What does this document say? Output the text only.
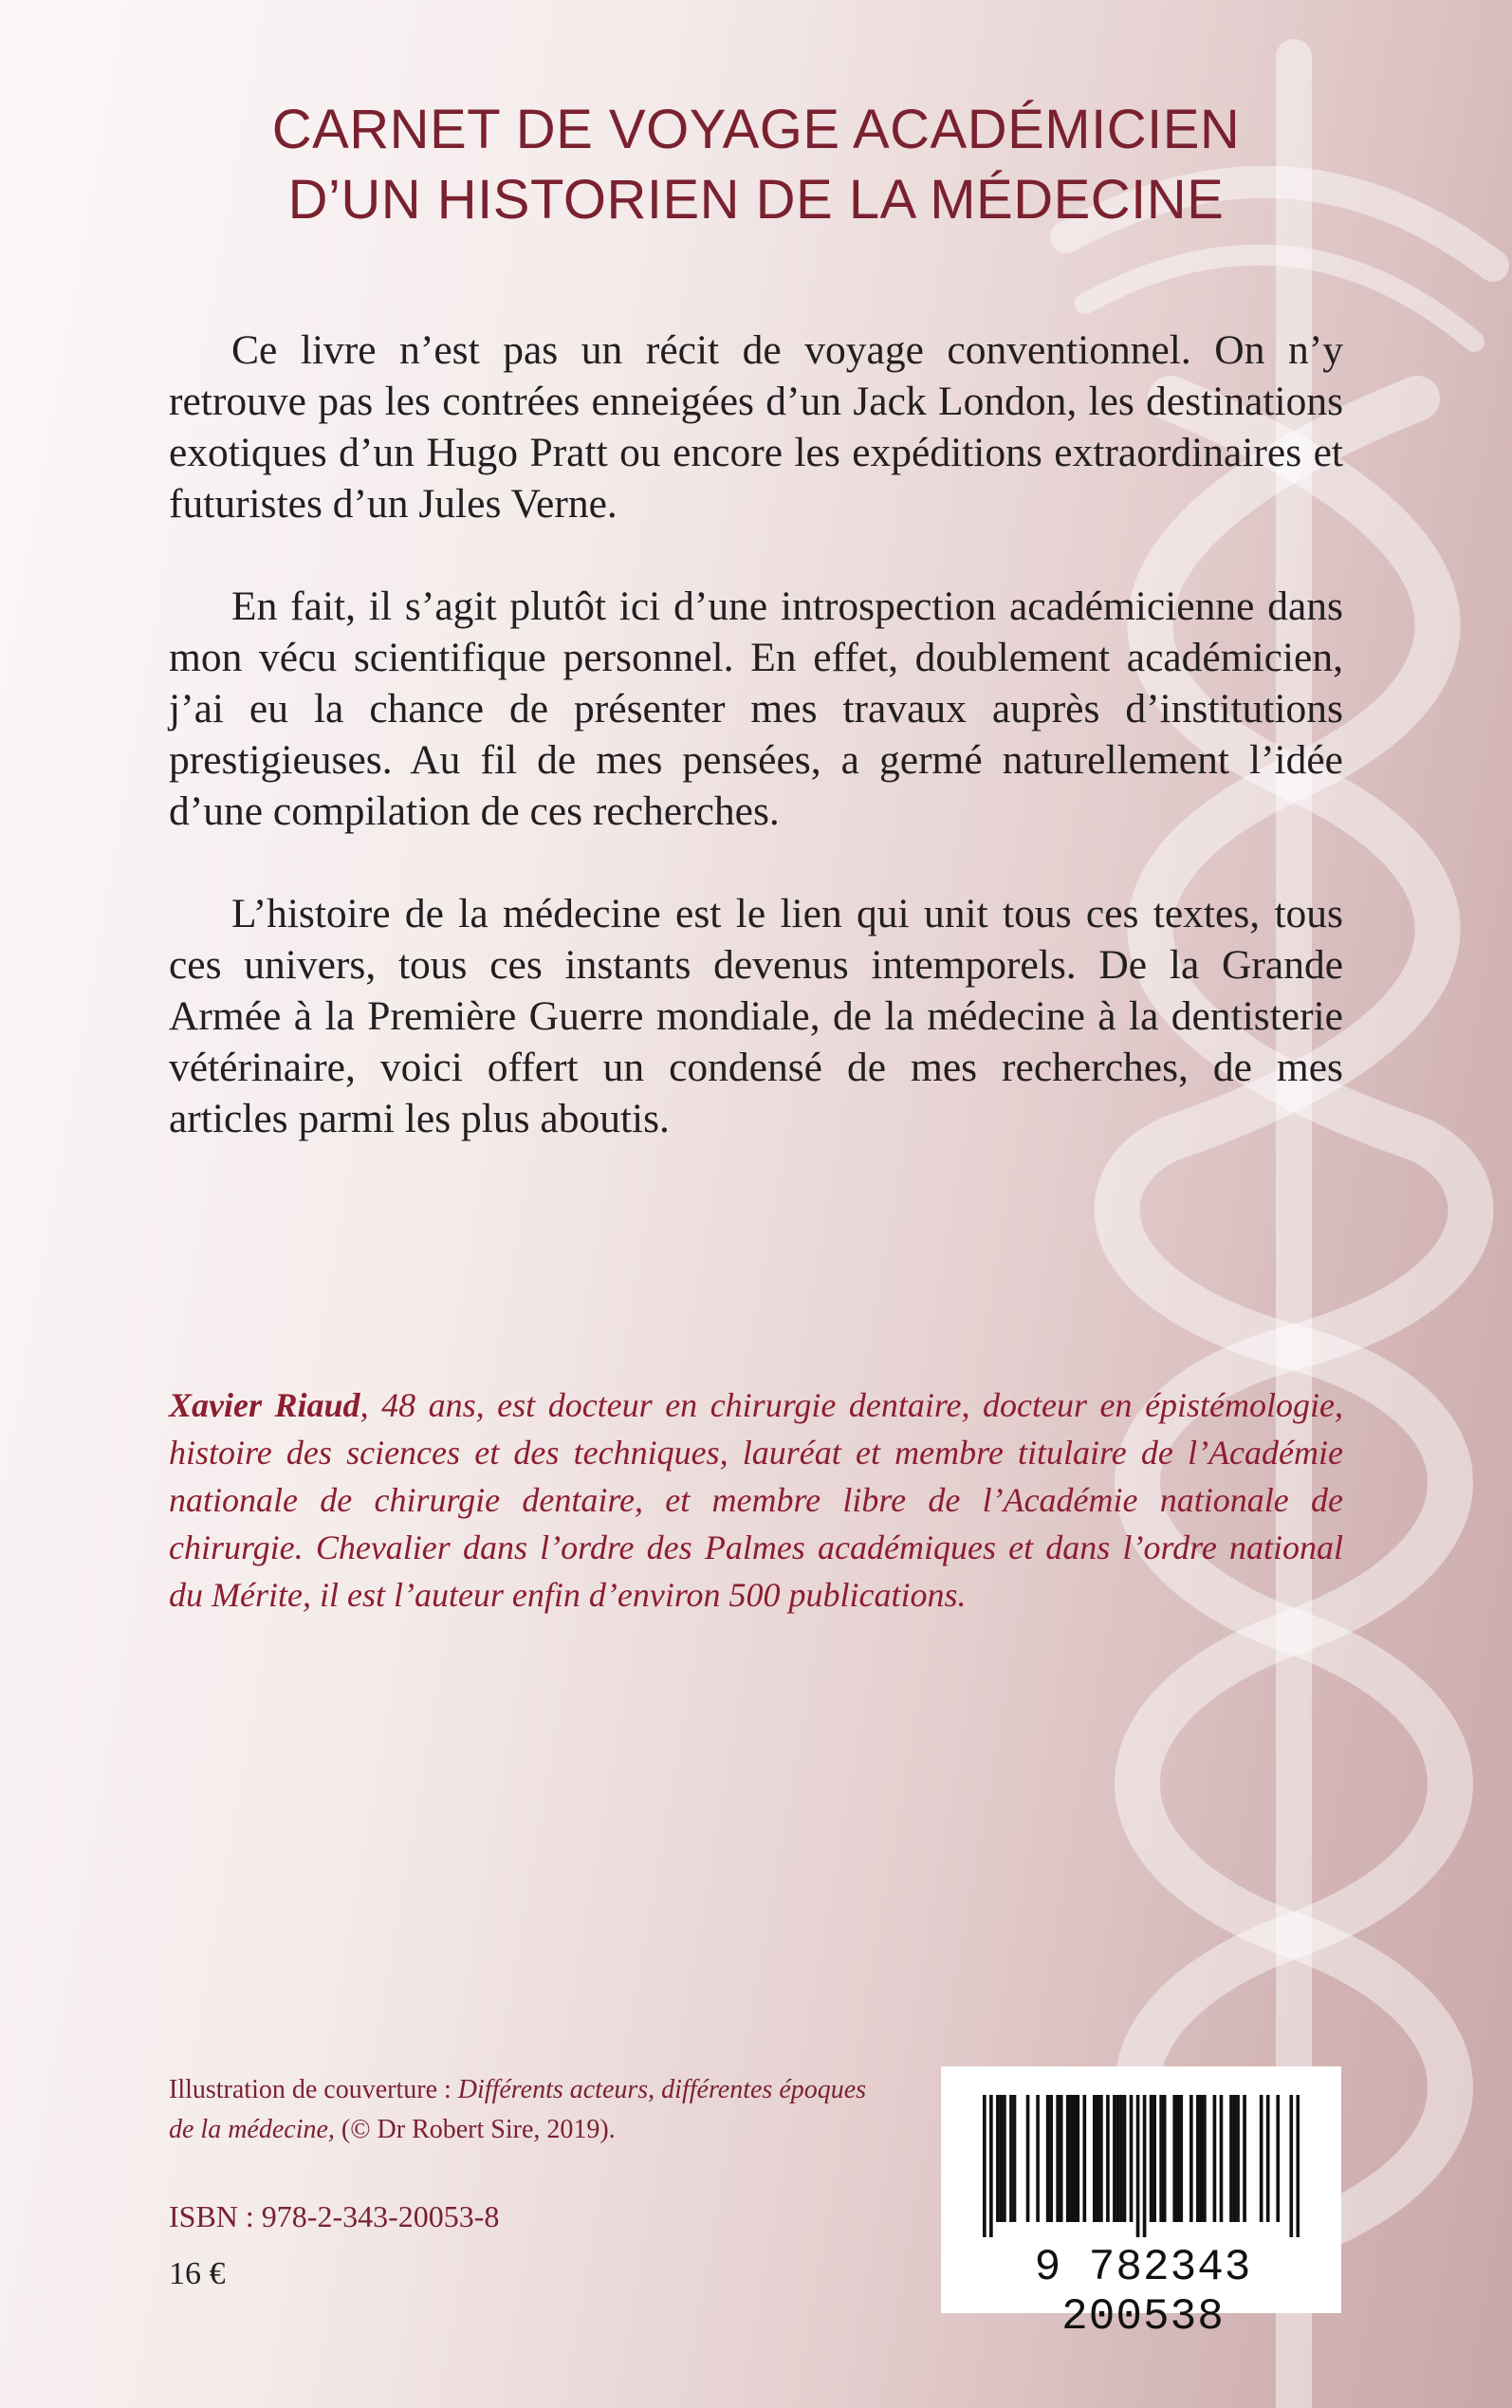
CARNET DE VOYAGE ACADÉMICIEN
D’UN HISTORIEN DE LA MÉDECINE

Ce livre n’est pas un récit de voyage conventionnel. On n’y retrouve pas les contrées enneigées d’un Jack London, les destinations exotiques d’un Hugo Pratt ou encore les expéditions extraordinaires et futuristes d’un Jules Verne.

En fait, il s’agit plutôt ici d’une introspection académicienne dans mon vécu scientifique personnel. En effet, doublement académicien, j’ai eu la chance de présenter mes travaux auprès d’institutions prestigieuses. Au fil de mes pensées, a germé naturellement l’idée d’une compilation de ces recherches.

L’histoire de la médecine est le lien qui unit tous ces textes, tous ces univers, tous ces instants devenus intemporels. De la Grande Armée à la Première Guerre mondiale, de la médecine à la dentisterie vétérinaire, voici offert un condensé de mes recherches, de mes articles parmi les plus aboutis.

Xavier Riaud, 48 ans, est docteur en chirurgie dentaire, docteur en épistémologie, histoire des sciences et des techniques, lauréat et membre titulaire de l’Académie nationale de chirurgie dentaire, et membre libre de l’Académie nationale de chirurgie. Chevalier dans l’ordre des Palmes académiques et dans l’ordre national du Mérite, il est l’auteur enfin d’environ 500 publications.

Illustration de couverture : Différents acteurs, différentes époques de la médecine, (© Dr Robert Sire, 2019).

ISBN : 978-2-343-20053-8
16 €	9 782343 200538
